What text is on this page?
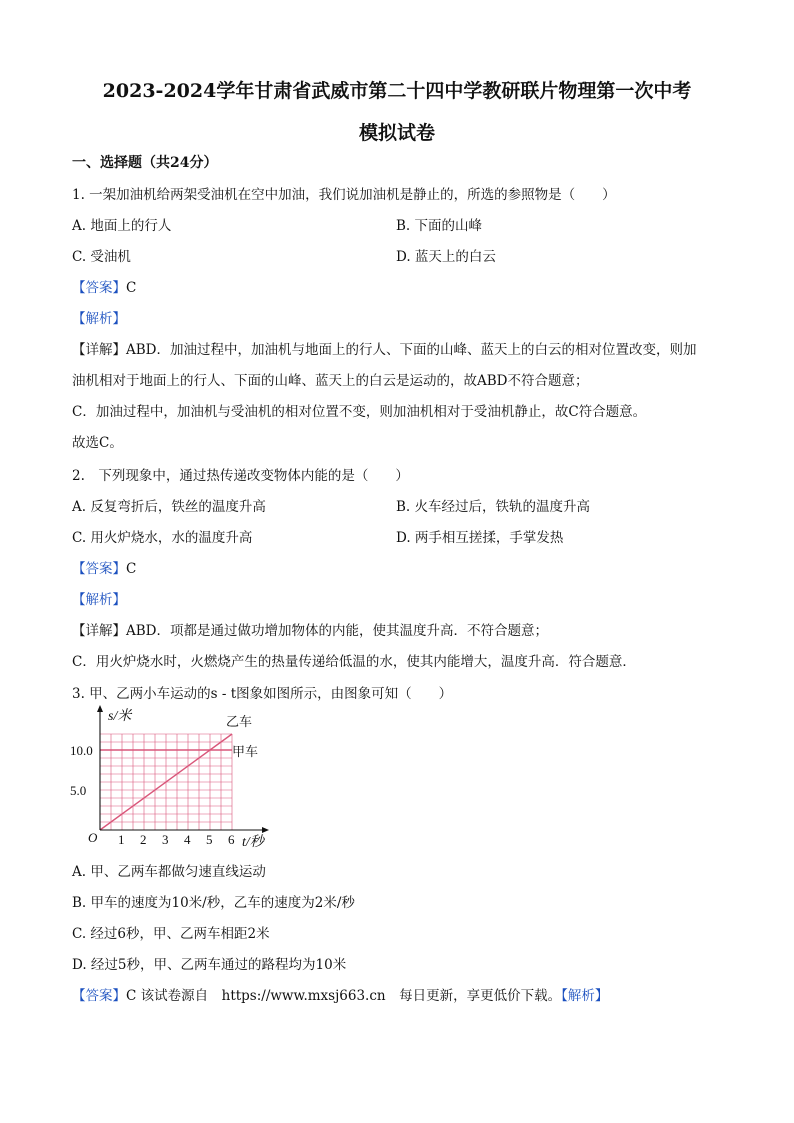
2023-2024学年甘肃省武威市第二十四中学教研联片物理第一次中考
模拟试卷
一、选择题（共24分）
1. 一架加油机给两架受油机在空中加油，我们说加油机是静止的，所选的参照物是（　　）
A. 地面上的行人	B. 下面的山峰
C. 受油机	D. 蓝天上的白云
【答案】C
【解析】
【详解】ABD．加油过程中，加油机与地面上的行人、下面的山峰、蓝天上的白云的相对位置改变，则加
油机相对于地面上的行人、下面的山峰、蓝天上的白云是运动的，故ABD不符合题意；
C．加油过程中，加油机与受油机的相对位置不变，则加油机相对于受油机静止，故C符合题意。
故选C。
2.　下列现象中，通过热传递改变物体内能的是（　　）
A. 反复弯折后，铁丝的温度升高	B. 火车经过后，铁轨的温度升高
C. 用火炉烧水，水的温度升高	D. 两手相互搓揉，手掌发热
【答案】C
【解析】
【详解】ABD．项都是通过做功增加物体的内能，使其温度升高．不符合题意；
C．用火炉烧水时，火燃烧产生的热量传递给低温的水，使其内能增大，温度升高．符合题意．
3. 甲、乙两小车运动的s - t图象如图所示，由图象可知（　　）
s/米
t/秒
O
乙车
甲车
1 2 3 4 5 6
10.0
5.0
A. 甲、乙两车都做匀速直线运动
B. 甲车的速度为10米/秒，乙车的速度为2米/秒
C. 经过6秒，甲、乙两车相距2米
D. 经过5秒，甲、乙两车通过的路程均为10米
【答案】C 该试卷源自　https://www.mxsj663.cn　每日更新，享更低价下载。【解析】
